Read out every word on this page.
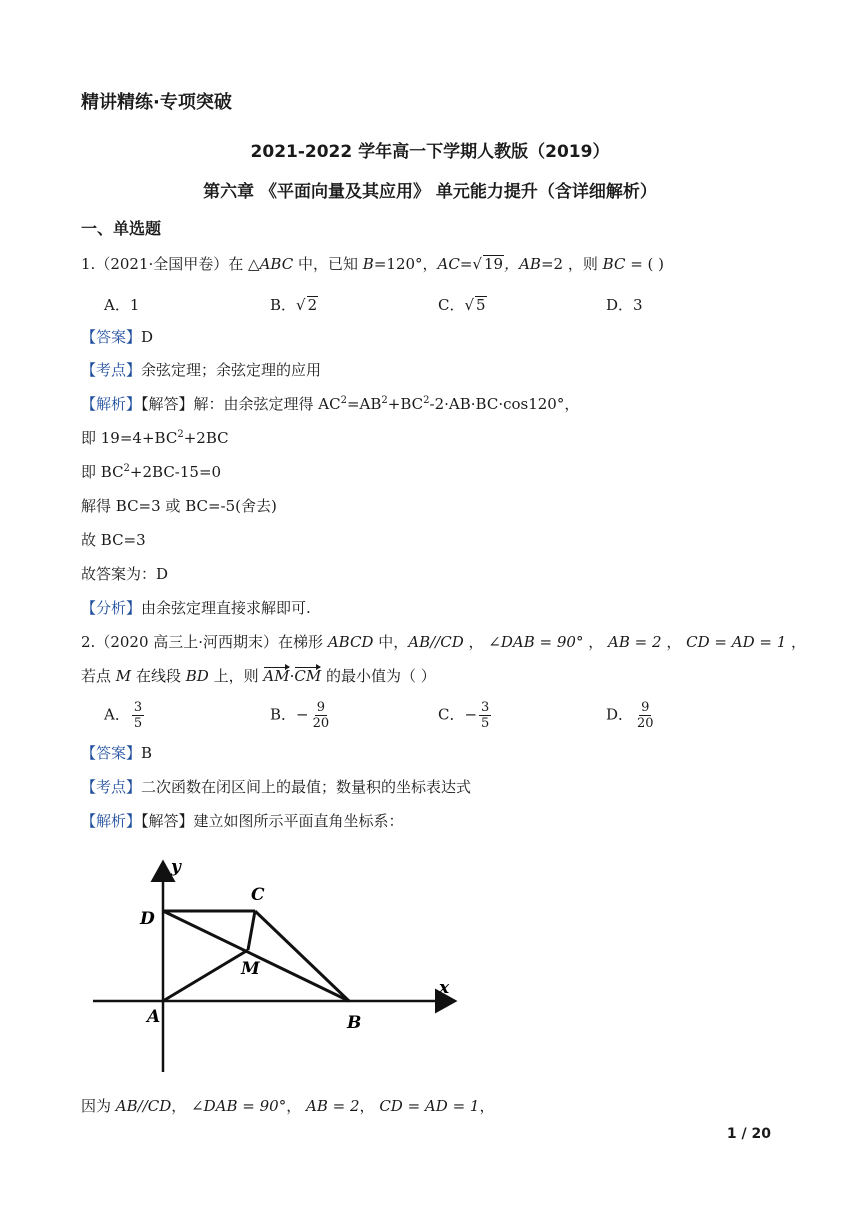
精讲精练·专项突破
2021-2022 学年高一下学期人教版（2019）
第六章 《平面向量及其应用》 单元能力提升（含详细解析）
一、单选题
1.（2021·全国甲卷）在 △ABC 中，已知 B=120°，AC=√ 19，AB=2 ，则 BC = ( )
A．1	B．√ 2	C．√ 5	D．3
【答案】D
【考点】余弦定理；余弦定理的应用
【解析】【解答】解：由余弦定理得 $AC^2=AB^2+BC^2-2\cdot AB\cdot BC\cdot\cos 120^\circ$，
即 $19=4+BC^2+2BC$
即 $BC^2+2BC-15=0$
解得 BC=3 或 BC=-5(舍去)
故 BC=3
故答案为：D
【分析】由余弦定理直接求解即可.
2.（2020 高三上·河西期末）在梯形 ABCD 中，AB//CD ， ∠DAB = 90° ， AB = 2 ， CD = AD = 1 ，
若点 M 在线段 BD 上，则 AM·CM 的最小值为（ ）
A． $\frac{3}{5}$	B．− $\frac{9}{20}$	C．− $\frac{3}{5}$	D． $\frac{9}{20}$
【答案】B
【考点】二次函数在闭区间上的最值；数量积的坐标表达式
【解析】【解答】建立如图所示平面直角坐标系：
y
x
A	B
C
D
M
因为 AB//CD， ∠DAB = 90°， AB = 2， CD = AD = 1，
1 / 20
